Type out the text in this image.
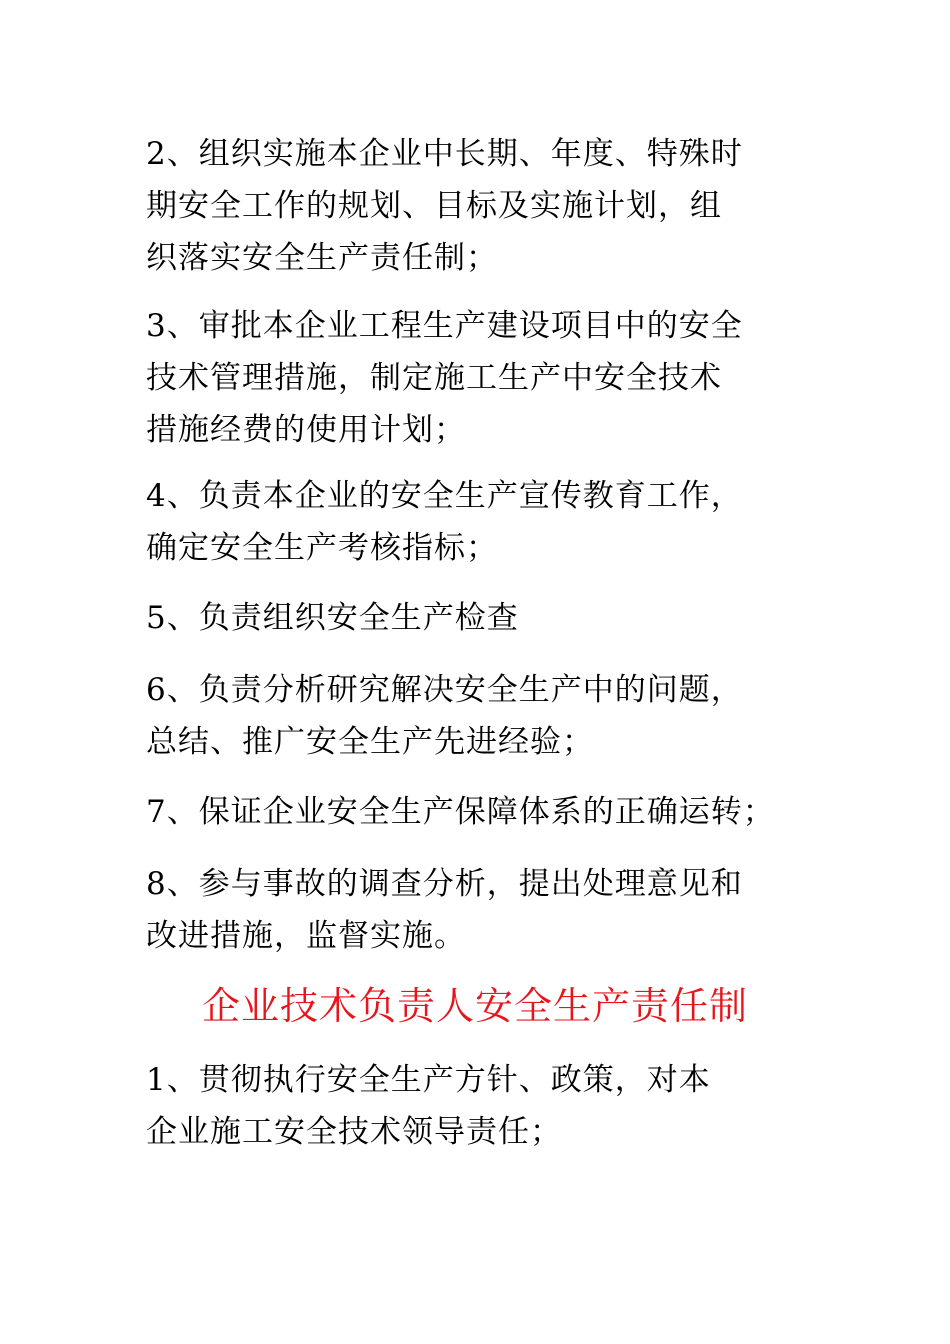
2、组织实施本企业中长期、年度、特殊时
期安全工作的规划、目标及实施计划，组
织落实安全生产责任制；

3、审批本企业工程生产建设项目中的安全
技术管理措施，制定施工生产中安全技术
措施经费的使用计划；

4、负责本企业的安全生产宣传教育工作，
确定安全生产考核指标；

5、负责组织安全生产检查

6、负责分析研究解决安全生产中的问题，
总结、推广安全生产先进经验；

7、保证企业安全生产保障体系的正确运转；

8、参与事故的调查分析，提出处理意见和
改进措施，监督实施。

企业技术负责人安全生产责任制

1、贯彻执行安全生产方针、政策，对本
企业施工安全技术领导责任；
